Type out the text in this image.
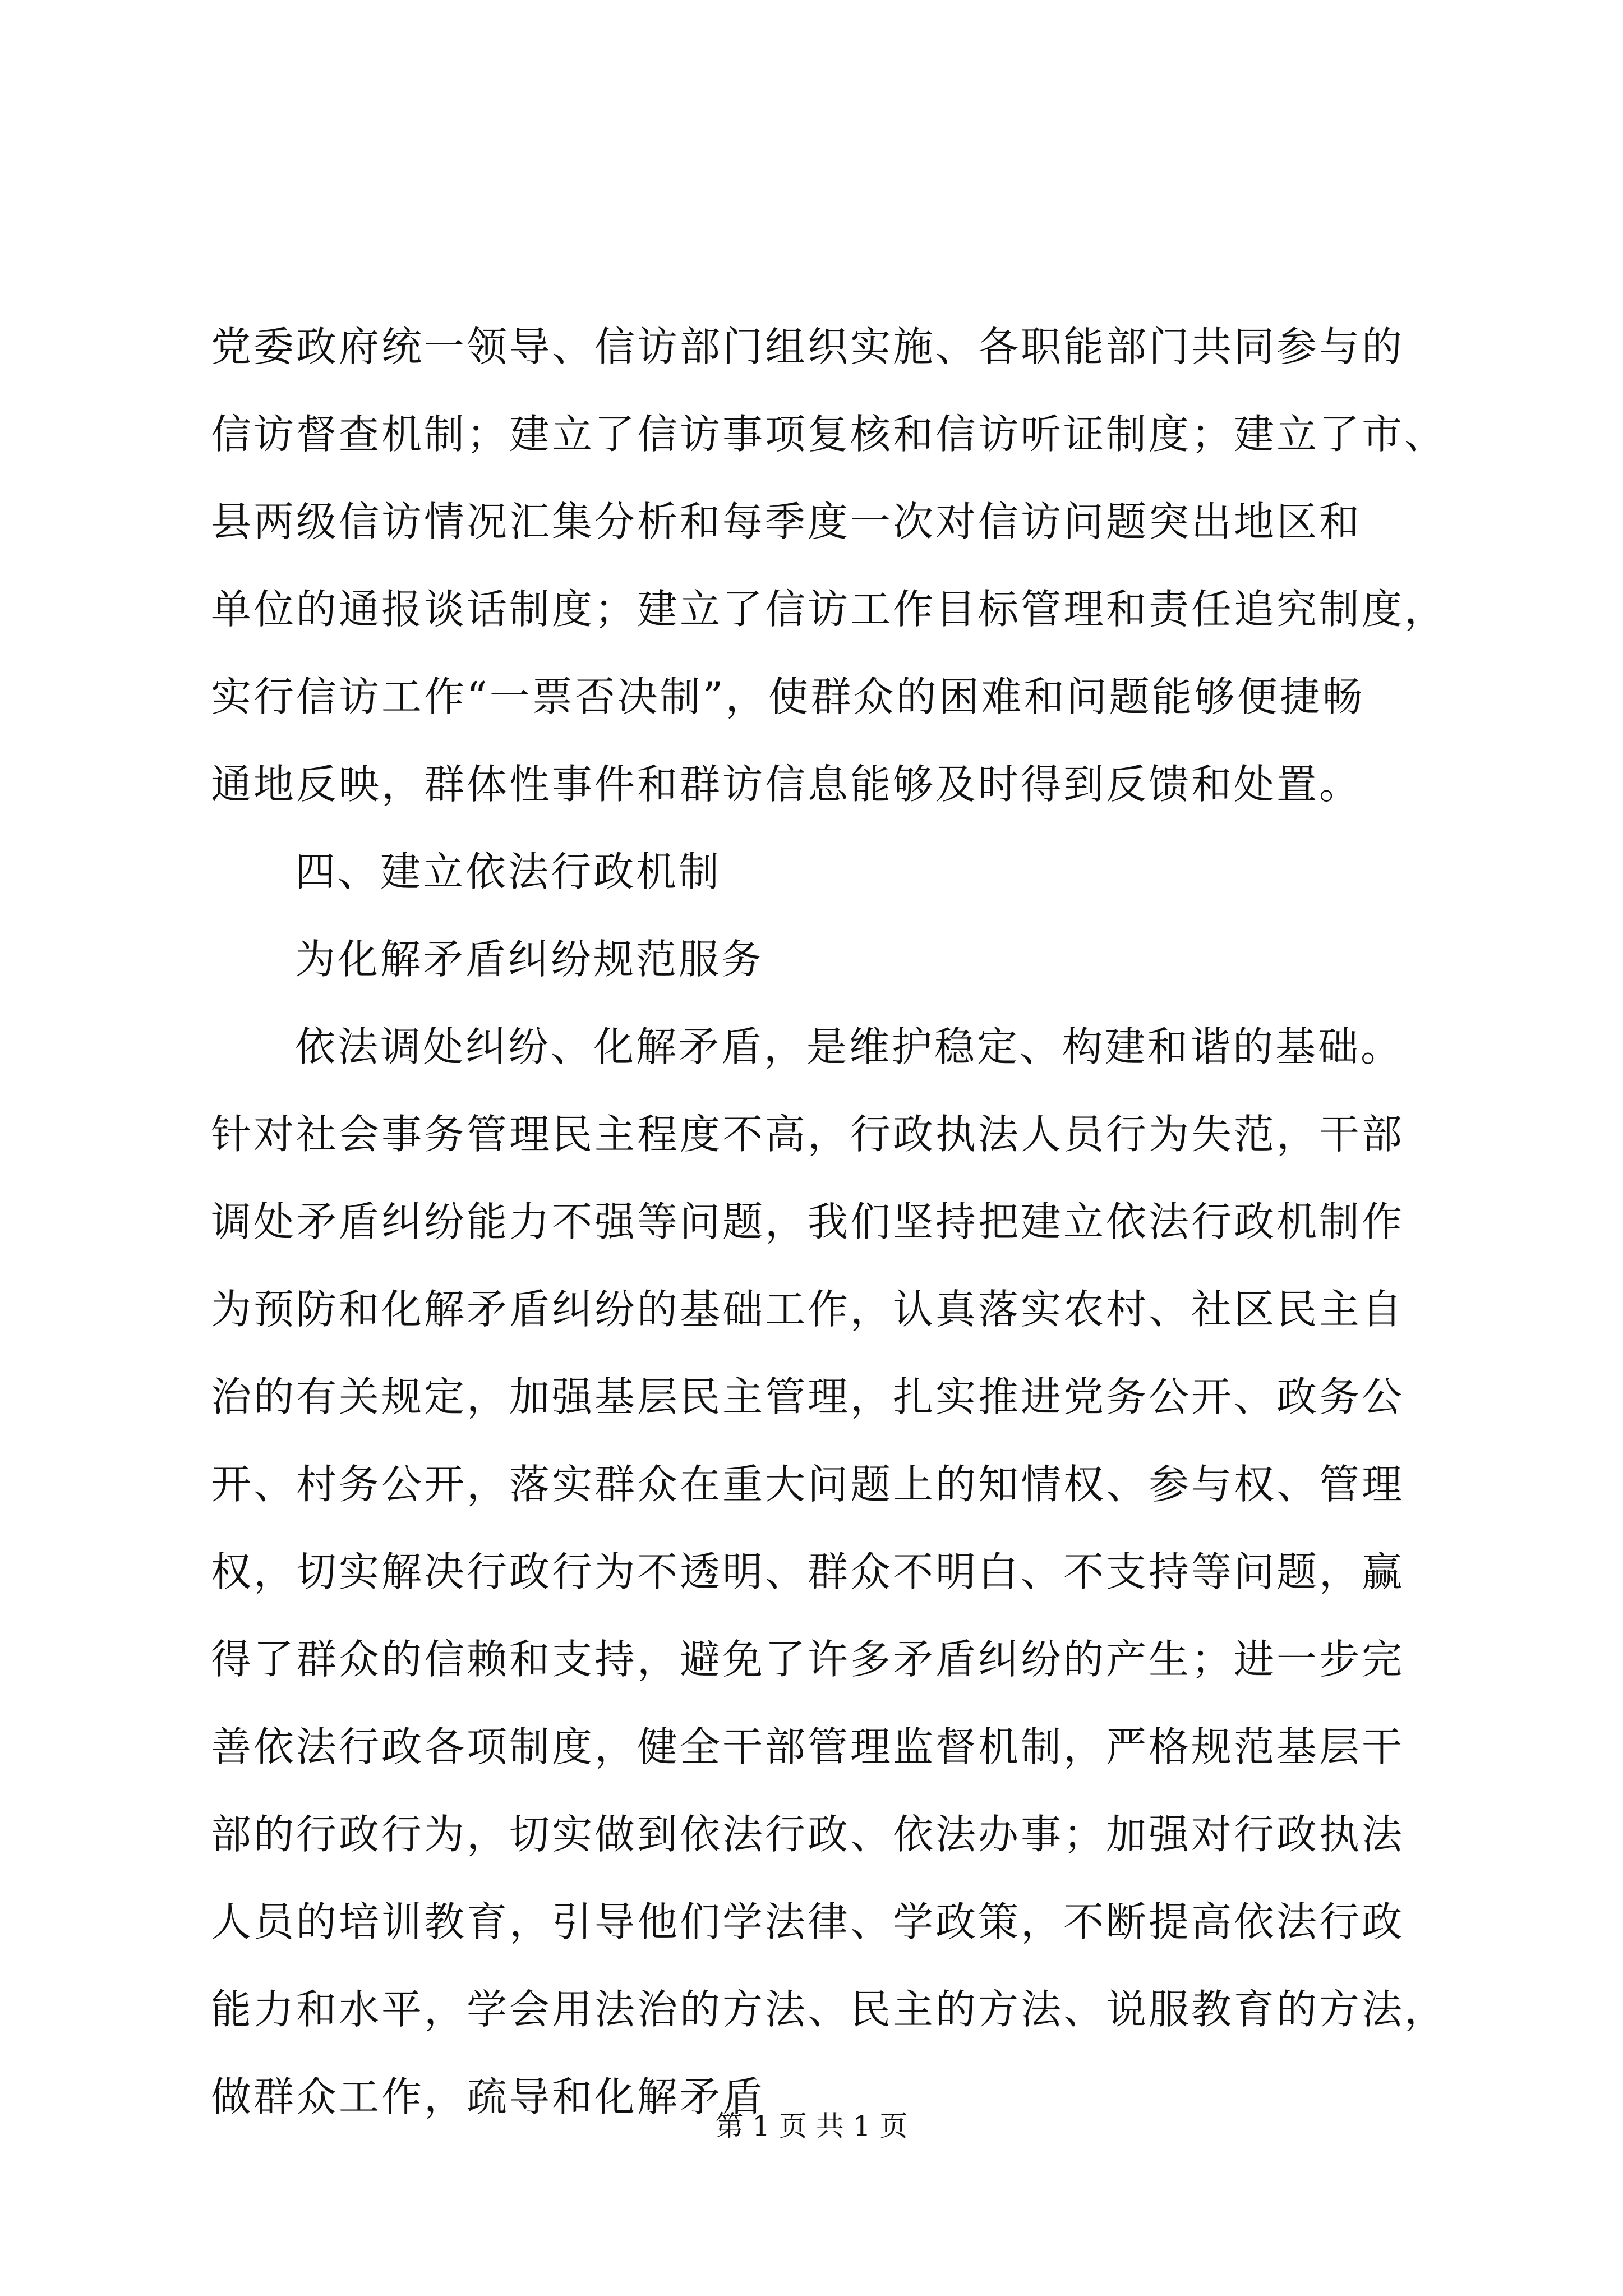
党委政府统一领导、信访部门组织实施、各职能部门共同参与的
信访督查机制；建立了信访事项复核和信访听证制度；建立了市、
县两级信访情况汇集分析和每季度一次对信访问题突出地区和
单位的通报谈话制度；建立了信访工作目标管理和责任追究制度，
实行信访工作“一票否决制”，使群众的困难和问题能够便捷畅
通地反映，群体性事件和群访信息能够及时得到反馈和处置。
四、建立依法行政机制
为化解矛盾纠纷规范服务
依法调处纠纷、化解矛盾，是维护稳定、构建和谐的基础。
针对社会事务管理民主程度不高，行政执法人员行为失范，干部
调处矛盾纠纷能力不强等问题，我们坚持把建立依法行政机制作
为预防和化解矛盾纠纷的基础工作，认真落实农村、社区民主自
治的有关规定，加强基层民主管理，扎实推进党务公开、政务公
开、村务公开，落实群众在重大问题上的知情权、参与权、管理
权，切实解决行政行为不透明、群众不明白、不支持等问题，赢
得了群众的信赖和支持，避免了许多矛盾纠纷的产生；进一步完
善依法行政各项制度，健全干部管理监督机制，严格规范基层干
部的行政行为，切实做到依法行政、依法办事；加强对行政执法
人员的培训教育，引导他们学法律、学政策，不断提高依法行政
能力和水平，学会用法治的方法、民主的方法、说服教育的方法，
做群众工作，疏导和化解矛盾
第 1 页 共 1 页
